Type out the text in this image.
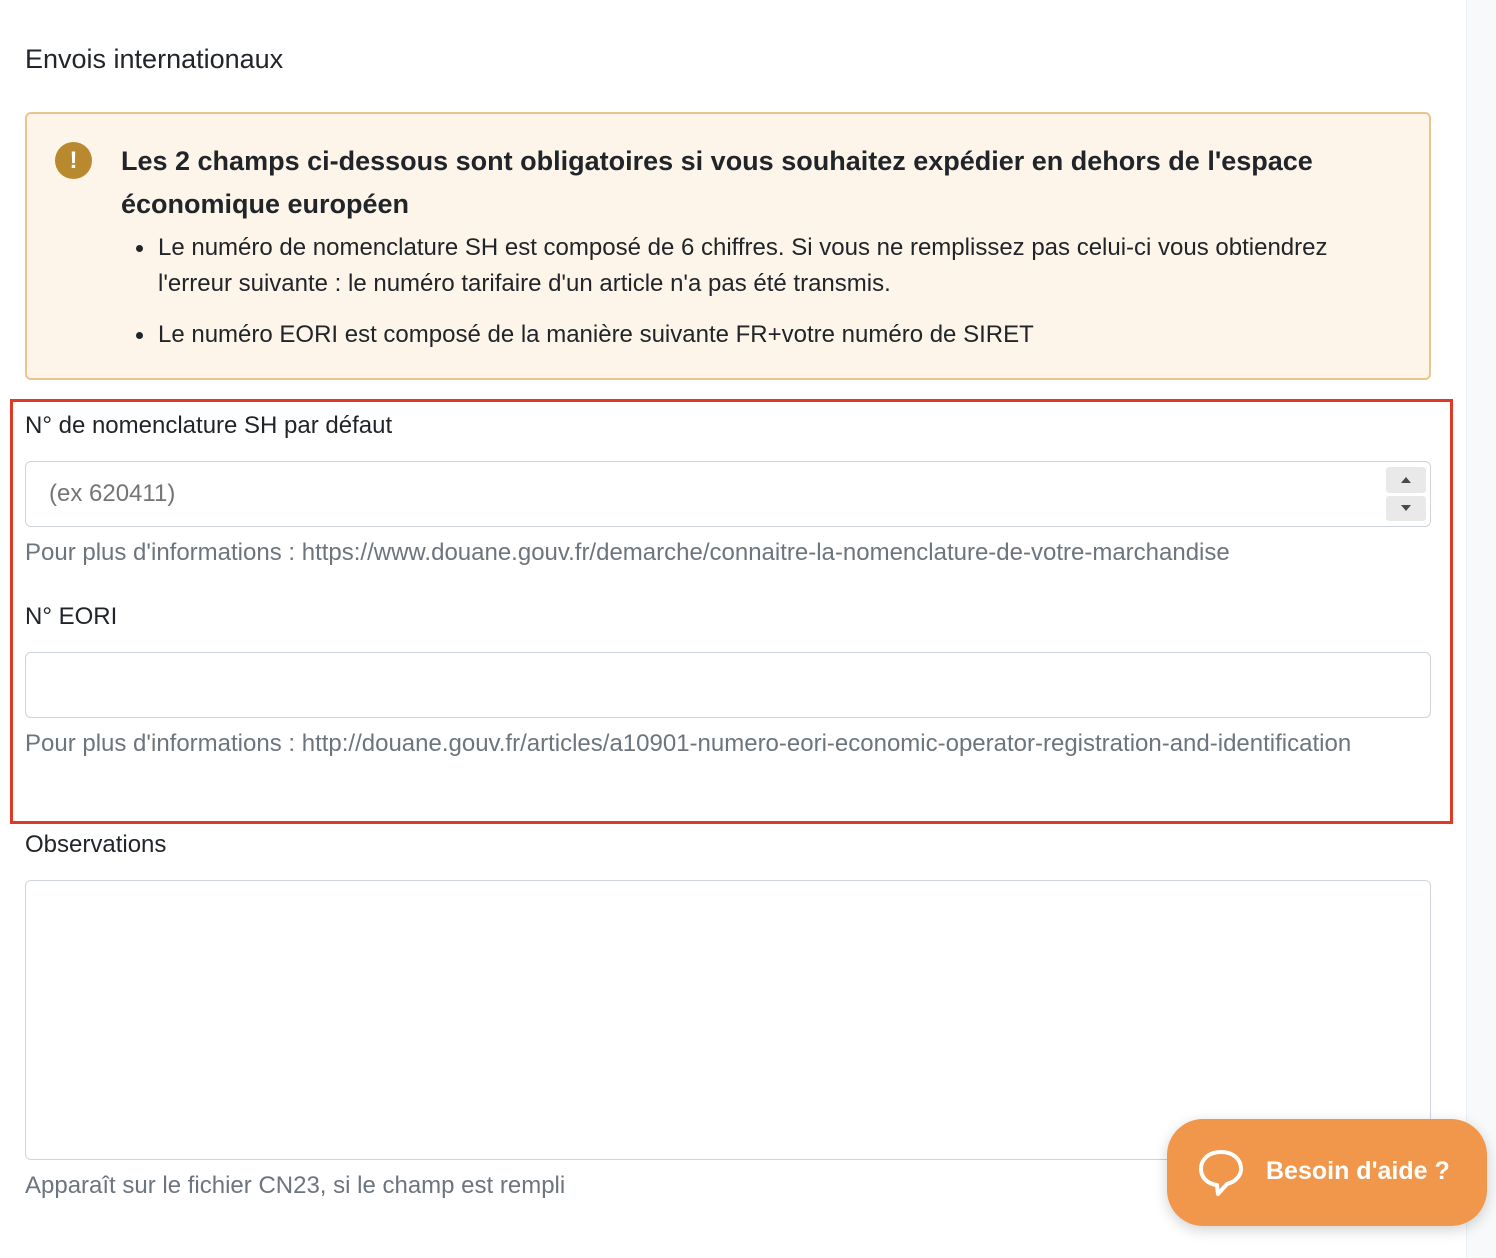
Envois internationaux
!	Les 2 champs ci-dessous sont obligatoires si vous souhaitez expédier en dehors de l'espace économique européen
Le numéro de nomenclature SH est composé de 6 chiffres. Si vous ne remplissez pas celui-ci vous obtiendrez l'erreur suivante : le numéro tarifaire d'un article n'a pas été transmis.
Le numéro EORI est composé de la manière suivante FR+votre numéro de SIRET
N° de nomenclature SH par défaut
(ex 620411)
Pour plus d'informations : https://www.douane.gouv.fr/demarche/connaitre-la-nomenclature-de-votre-marchandise
N° EORI
Pour plus d'informations : http://douane.gouv.fr/articles/a10901-numero-eori-economic-operator-registration-and-identification
Observations
Apparaît sur le fichier CN23, si le champ est rempli
Besoin d'aide ?
